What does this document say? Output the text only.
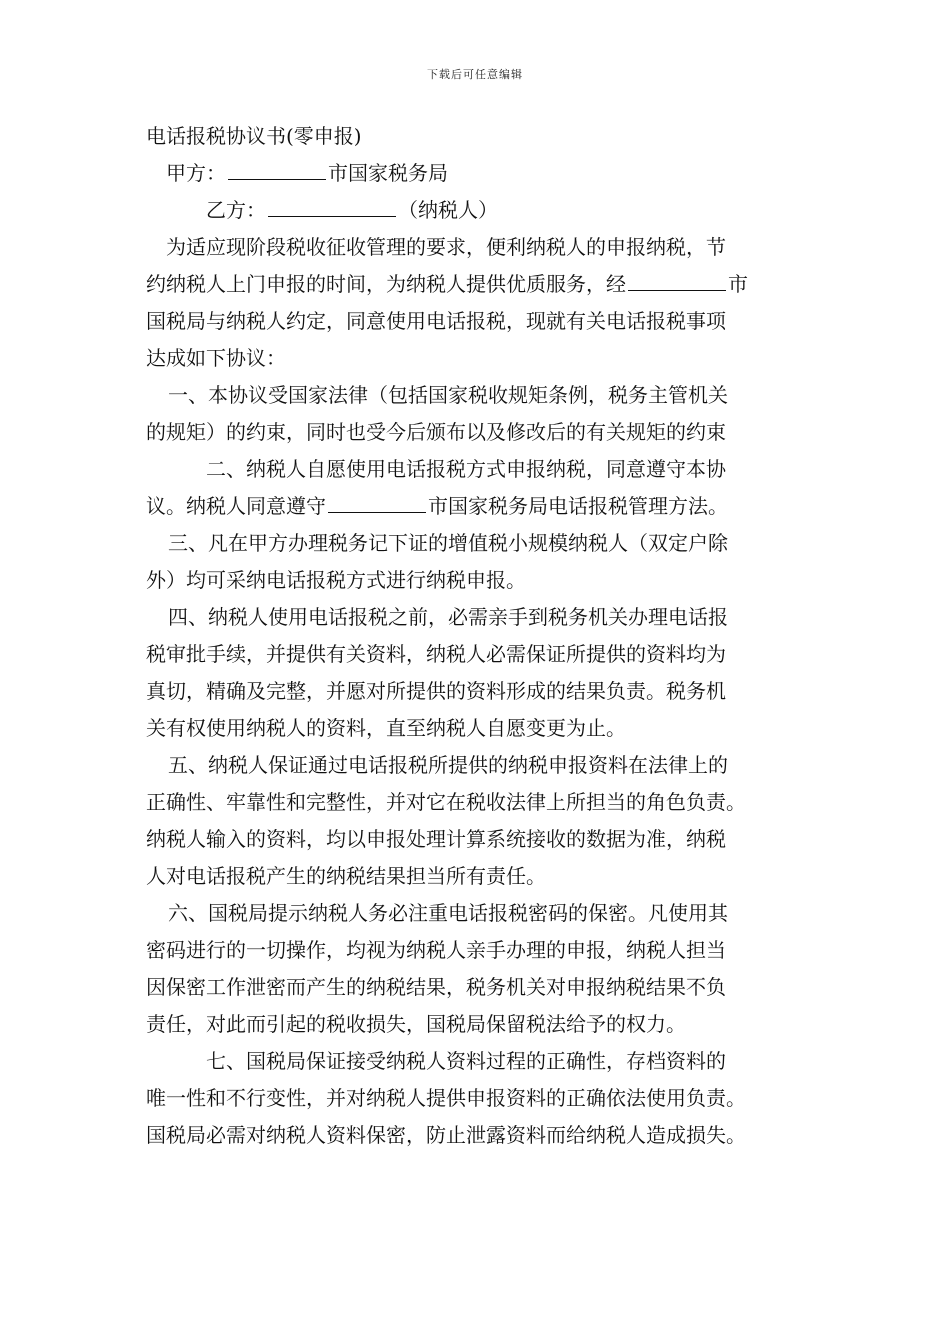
下载后可任意编辑

电话报税协议书(零申报)

甲方：	市国家税务局

乙方：	（纳税人）

为适应现阶段税收征收管理的要求，便利纳税人的申报纳税，节

约纳税人上门申报的时间，为纳税人提供优质服务，经	市

国税局与纳税人约定，同意使用电话报税，现就有关电话报税事项

达成如下协议：

一、本协议受国家法律（包括国家税收规矩条例，税务主管机关

的规矩）的约束，同时也受今后颁布以及修改后的有关规矩的约束

二、纳税人自愿使用电话报税方式申报纳税，同意遵守本协

议。纳税人同意遵守	市国家税务局电话报税管理方法。

三、凡在甲方办理税务记下证的增值税小规模纳税人（双定户除

外）均可采纳电话报税方式进行纳税申报。

四、纳税人使用电话报税之前，必需亲手到税务机关办理电话报

税审批手续，并提供有关资料，纳税人必需保证所提供的资料均为

真切，精确及完整，并愿对所提供的资料形成的结果负责。税务机

关有权使用纳税人的资料，直至纳税人自愿变更为止。

五、纳税人保证通过电话报税所提供的纳税申报资料在法律上的

正确性、牢靠性和完整性，并对它在税收法律上所担当的角色负责。

纳税人输入的资料，均以申报处理计算系统接收的数据为准，纳税

人对电话报税产生的纳税结果担当所有责任。

六、国税局提示纳税人务必注重电话报税密码的保密。凡使用其

密码进行的一切操作，均视为纳税人亲手办理的申报，纳税人担当

因保密工作泄密而产生的纳税结果，税务机关对申报纳税结果不负

责任，对此而引起的税收损失，国税局保留税法给予的权力。

七、国税局保证接受纳税人资料过程的正确性，存档资料的

唯一性和不行变性，并对纳税人提供申报资料的正确依法使用负责。

国税局必需对纳税人资料保密，防止泄露资料而给纳税人造成损失。
